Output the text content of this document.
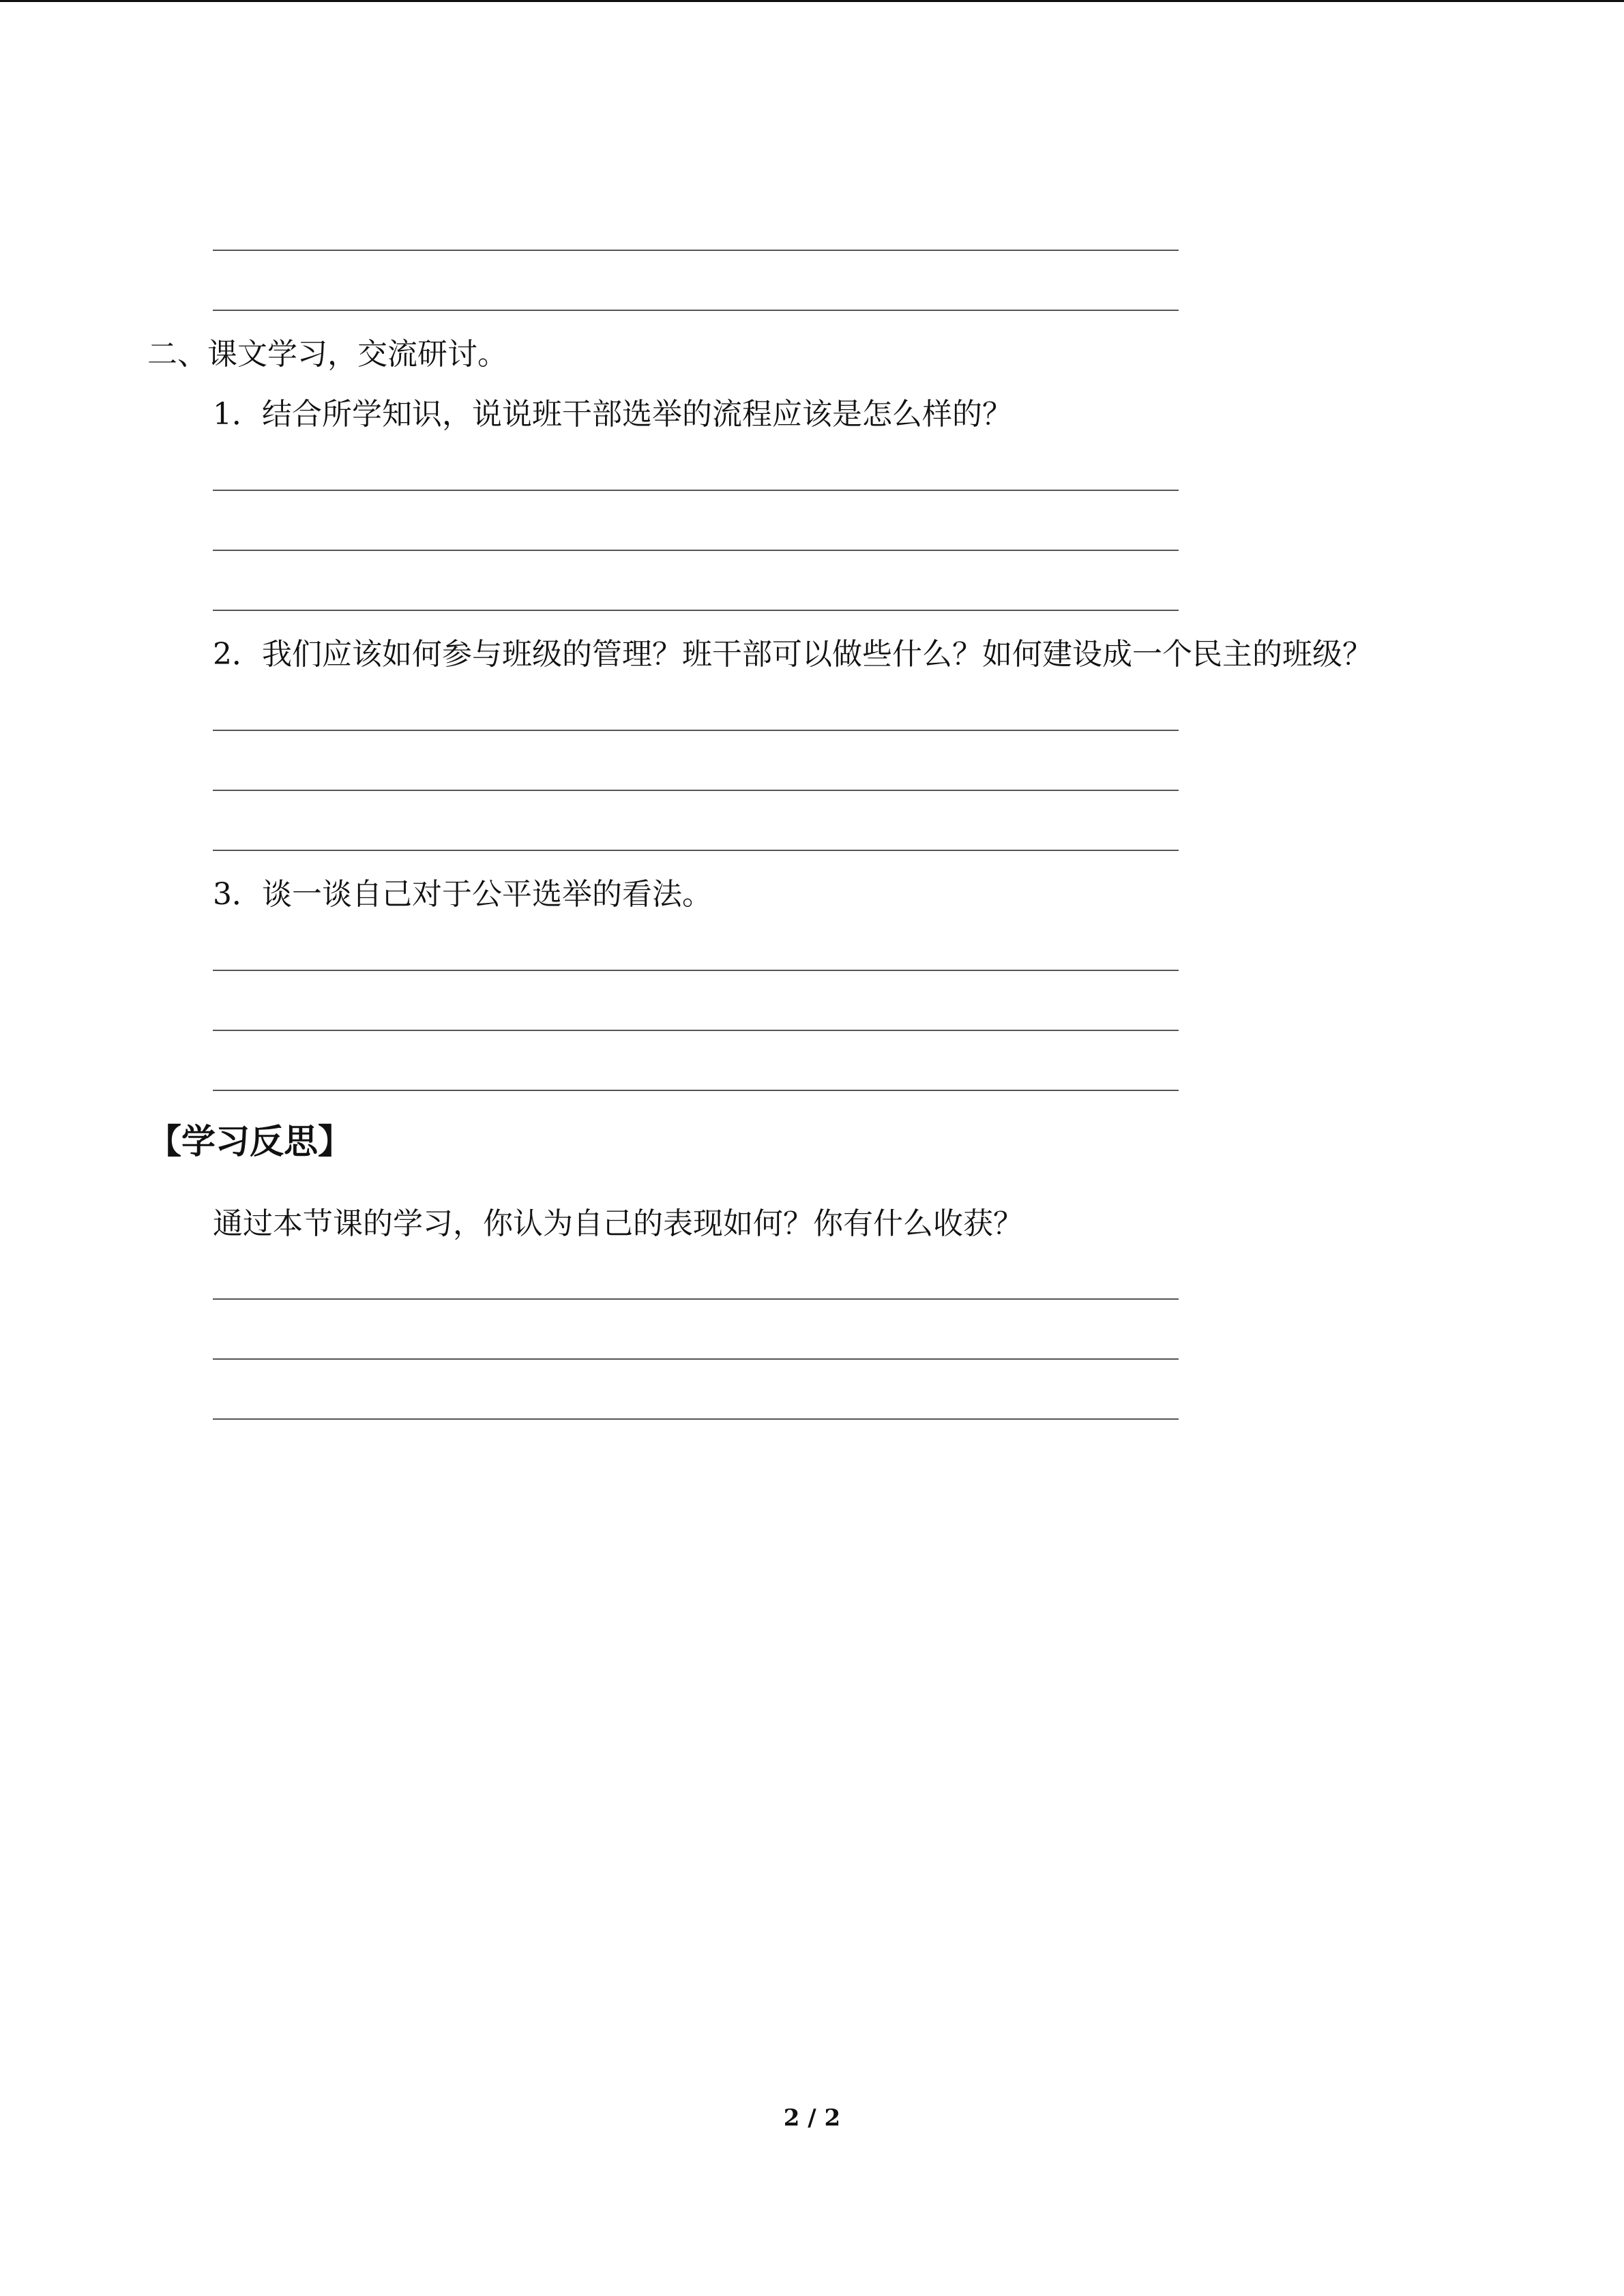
二、课文学习，交流研讨。
1．结合所学知识，说说班干部选举的流程应该是怎么样的？
2．我们应该如何参与班级的管理？班干部可以做些什么？如何建设成一个民主的班级？
3．谈一谈自己对于公平选举的看法。
【学习反思】
通过本节课的学习，你认为自己的表现如何？你有什么收获？
2 / 2
